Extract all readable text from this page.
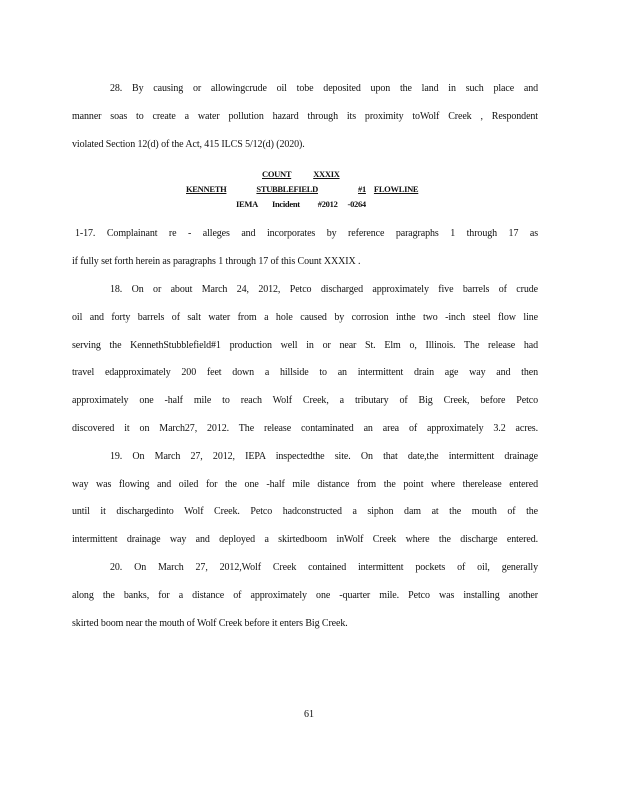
28. By causing or allowingcrude oil tobe deposited upon the land in such place and
manner soas to create a water pollution hazard through its proximity toWolf Creek , Respondent
violated Section 12(d) of the Act, 415 ILCS 5/12(d) (2020).
COUNT	XXXIX
KENNETH	STUBBLEFIELD	#1 FLOWLINE
IEMA Incident #2012 -0264
1-17. Complainant re - alleges and incorporates by reference paragraphs 1 through 17 as
if fully set forth herein as paragraphs 1 through 17 of this Count XXXIX .
18. On or about March 24, 2012, Petco discharged approximately five barrels of crude
oil and forty barrels of salt water from a hole caused by corrosion inthe two -inch steel flow line
serving the KennethStubblefield#1 production well in or near St. Elm o, Illinois. The release had
travel edapproximately 200 feet down a hillside to an intermittent drain age way and then
approximately one -half mile to reach Wolf Creek, a tributary of Big Creek, before Petco
discovered it on March27, 2012. The release contaminated an area of approximately 3.2 acres.
19. On March 27, 2012, IEPA inspectedthe site. On that date,the intermittent drainage
way was flowing and oiled for the one -half mile distance from the point where therelease entered
until it dischargedinto Wolf Creek. Petco hadconstructed a siphon dam at the mouth of the
intermittent drainage way and deployed a skirtedboom inWolf Creek where the discharge entered.
20. On March 27, 2012,Wolf Creek contained intermittent pockets of oil, generally
along the banks, for a distance of approximately one -quarter mile. Petco was installing another
skirted boom near the mouth of Wolf Creek before it enters Big Creek.
61
